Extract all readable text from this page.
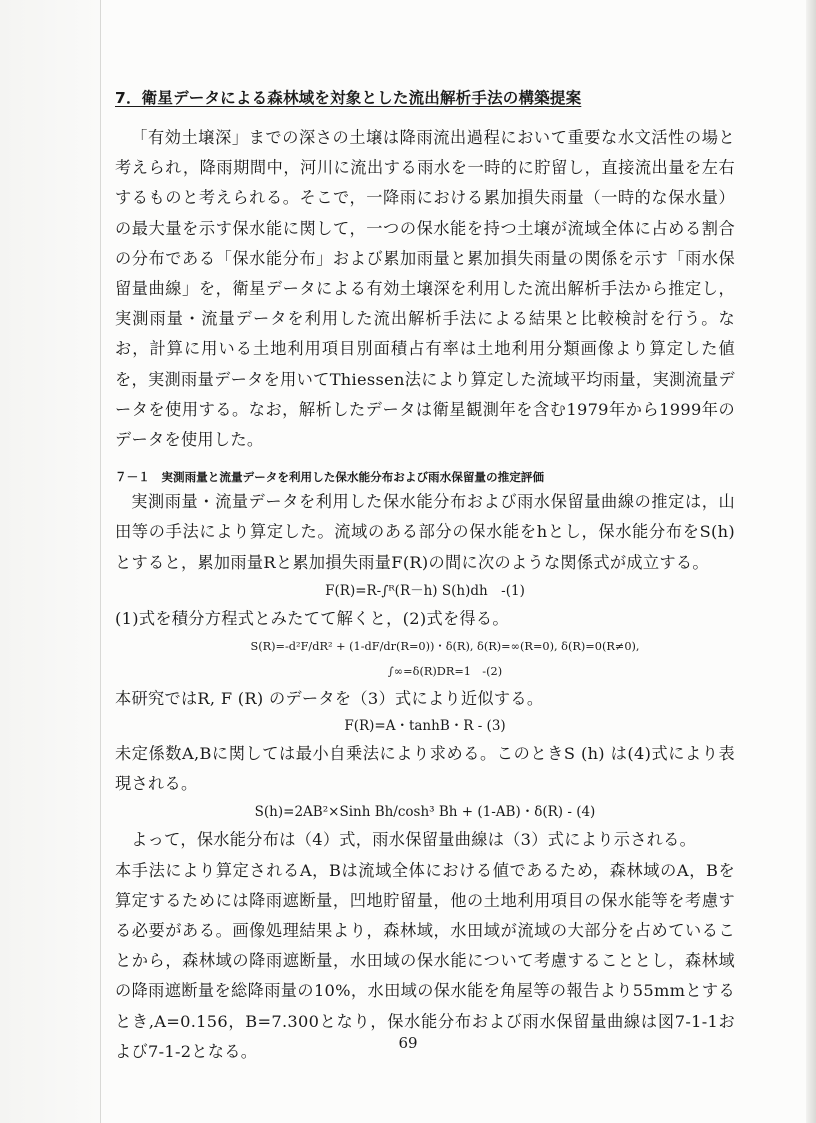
7．衛星データによる森林域を対象とした流出解析手法の構築提案

「有効土壌深」までの深さの土壌は降雨流出過程において重要な水文活性の場と考えられ，降雨期間中，河川に流出する雨水を一時的に貯留し，直接流出量を左右するものと考えられる。そこで，一降雨における累加損失雨量（一時的な保水量）の最大量を示す保水能に関して，一つの保水能を持つ土壌が流域全体に占める割合の分布である「保水能分布」および累加雨量と累加損失雨量の関係を示す「雨水保留量曲線」を，衛星データによる有効土壌深を利用した流出解析手法から推定し，実測雨量・流量データを利用した流出解析手法による結果と比較検討を行う。なお，計算に用いる土地利用項目別面積占有率は土地利用分類画像より算定した値を，実測雨量データを用いてThiessen法により算定した流域平均雨量，実測流量データを使用する。なお，解析したデータは衛星観測年を含む1979年から1999年のデータを使用した。

７－１　実測雨量と流量データを利用した保水能分布および雨水保留量の推定評価

実測雨量・流量データを利用した保水能分布および雨水保留量曲線の推定は，山田等の手法により算定した。流域のある部分の保水能をhとし，保水能分布をS(h)とすると，累加雨量Rと累加損失雨量F(R)の間に次のような関係式が成立する。

F(R)=R-∫ᴿ(R－h) S(h)dh　-(1)

(1)式を積分方程式とみたてて解くと，(2)式を得る。

S(R)=-d²F/dR² + (1-dF/dr(R=0))・δ(R), δ(R)=∞(R=0), δ(R)=0(R≠0),

∫∞=δ(R)DR=1　-(2)

本研究ではR, F (R) のデータを（3）式により近似する。

F(R)=A・tanhB・R - (3)

未定係数A,Bに関しては最小自乗法により求める。このときS (h) は(4)式により表現される。

S(h)=2AB²×Sinh Bh/cosh³ Bh + (1-AB)・δ(R) - (4)

よって，保水能分布は（4）式，雨水保留量曲線は（3）式により示される。

本手法により算定されるA，Bは流域全体における値であるため，森林域のA，Bを算定するためには降雨遮断量，凹地貯留量，他の土地利用項目の保水能等を考慮する必要がある。画像処理結果より，森林域，水田域が流域の大部分を占めていることから，森林域の降雨遮断量，水田域の保水能について考慮することとし，森林域の降雨遮断量を総降雨量の10%，水田域の保水能を角屋等の報告より55mmとするとき,A=0.156，B=7.300となり，保水能分布および雨水保留量曲線は図7-1-1および7-1-2となる。	69
